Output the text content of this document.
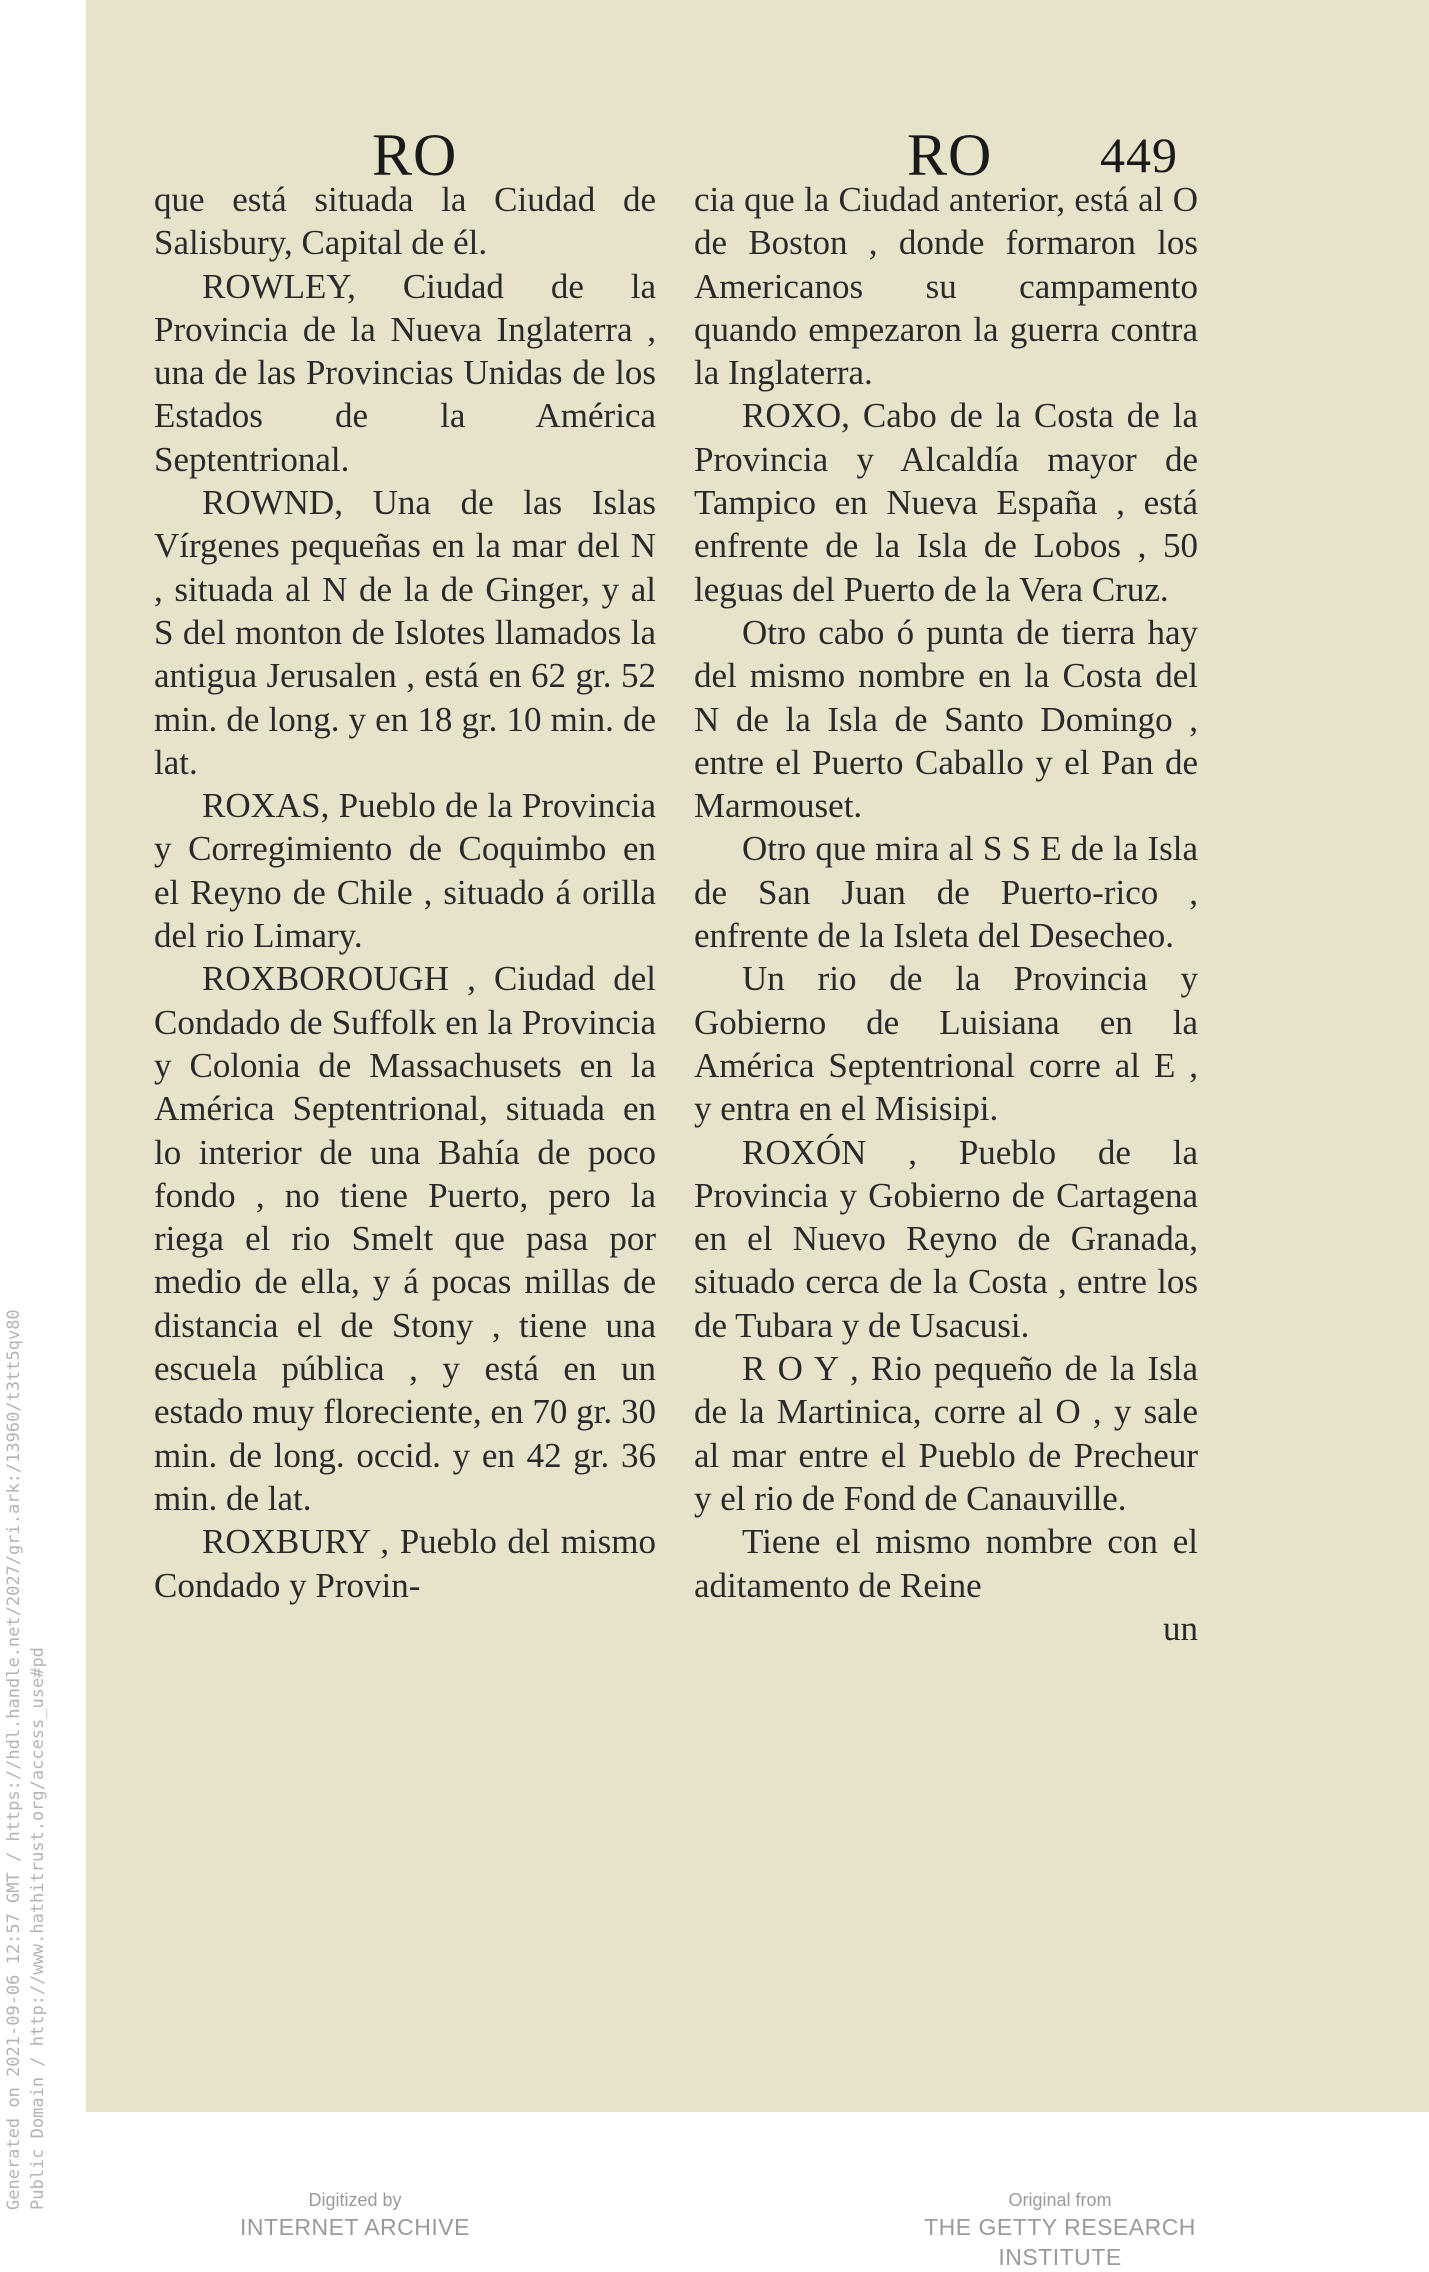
Generated on 2021-09-06 12:57 GMT / https://hdl.handle.net/2027/gri.ark:/13960/t3tt5qv80 Public Domain / http://www.hathitrust.org/access_use#pd
RO	RO 449

que está situada la Ciudad de Salisbury, Capital de él.

ROWLEY, Ciudad de la Provincia de la Nueva Inglaterra , una de las Provincias Unidas de los Estados de la América Septentrional.

ROWND, Una de las Islas Vírgenes pequeñas en la mar del N , situada al N de la de Ginger, y al S del monton de Islotes llamados la antigua Jerusalen , está en 62 gr. 52 min. de long. y en 18 gr. 10 min. de lat.

ROXAS, Pueblo de la Provincia y Corregimiento de Coquimbo en el Reyno de Chile , situado á orilla del rio Limary.

ROXBOROUGH , Ciudad del Condado de Suffolk en la Provincia y Colonia de Massachusets en la América Septentrional, situada en lo interior de una Bahía de poco fondo , no tiene Puerto, pero la riega el rio Smelt que pasa por medio de ella, y á pocas millas de distancia el de Stony , tiene una escuela pública , y está en un estado muy floreciente, en 70 gr. 30 min. de long. occid. y en 42 gr. 36 min. de lat.

ROXBURY , Pueblo del mismo Condado y Provin-

cia que la Ciudad anterior, está al O de Boston , donde formaron los Americanos su campamento quando empezaron la guerra contra la Inglaterra.

ROXO, Cabo de la Costa de la Provincia y Alcaldía mayor de Tampico en Nueva España , está enfrente de la Isla de Lobos , 50 leguas del Puerto de la Vera Cruz.

Otro cabo ó punta de tierra hay del mismo nombre en la Costa del N de la Isla de Santo Domingo , entre el Puerto Caballo y el Pan de Marmouset.

Otro que mira al S S E de la Isla de San Juan de Puerto-rico , enfrente de la Isleta del Desecheo.

Un rio de la Provincia y Gobierno de Luisiana en la América Septentrional corre al E , y entra en el Misisipi.

ROXÓN , Pueblo de la Provincia y Gobierno de Cartagena en el Nuevo Reyno de Granada, situado cerca de la Costa , entre los de Tubara y de Usacusi.

R O Y , Rio pequeño de la Isla de la Martinica, corre al O , y sale al mar entre el Pueblo de Precheur y el rio de Fond de Canauville.

Tiene el mismo nombre con el aditamento de Reine

un

Digitized by
INTERNET ARCHIVE
Original from
THE GETTY RESEARCH INSTITUTE
